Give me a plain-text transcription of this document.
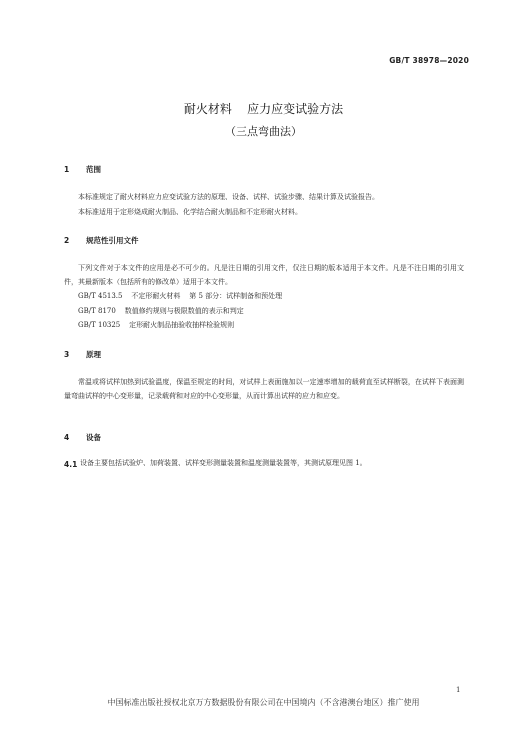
GB/T 38978—2020
耐火材料    应力应变试验方法
（三点弯曲法）
1 范围
本标准规定了耐火材料应力应变试验方法的原理、设备、试样、试验步骤、结果计算及试验报告。
本标准适用于定形烧成耐火制品、化学结合耐火制品和不定形耐火材料。
2 规范性引用文件
下列文件对于本文件的应用是必不可少的。凡是注日期的引用文件，仅注日期的版本适用于本文件。凡是不注日期的引用文件，其最新版本（包括所有的修改单）适用于本文件。
GB/T 4513.5    不定形耐火材料    第 5 部分：试样制备和预处理
GB/T 8170    数值修约规则与极限数值的表示和判定
GB/T 10325    定形耐火制品抽验收抽样检验规则
3 原理
常温或将试样加热到试验温度，保温至规定的时间，对试样上表面施加以一定速率增加的载荷直至试样断裂，在试样下表面測量弯曲试样的中心变形量，记录载荷和对应的中心变形量，从而计算出试样的应力和应变。
4 设备
4.1 设备主要包括试验炉、加荷装置、试样变形测量装置和温度测量装置等，其测试原理见图 1。
1
中国标准出版社授权北京万方数据股份有限公司在中国境内（不含港澳台地区）推广使用
